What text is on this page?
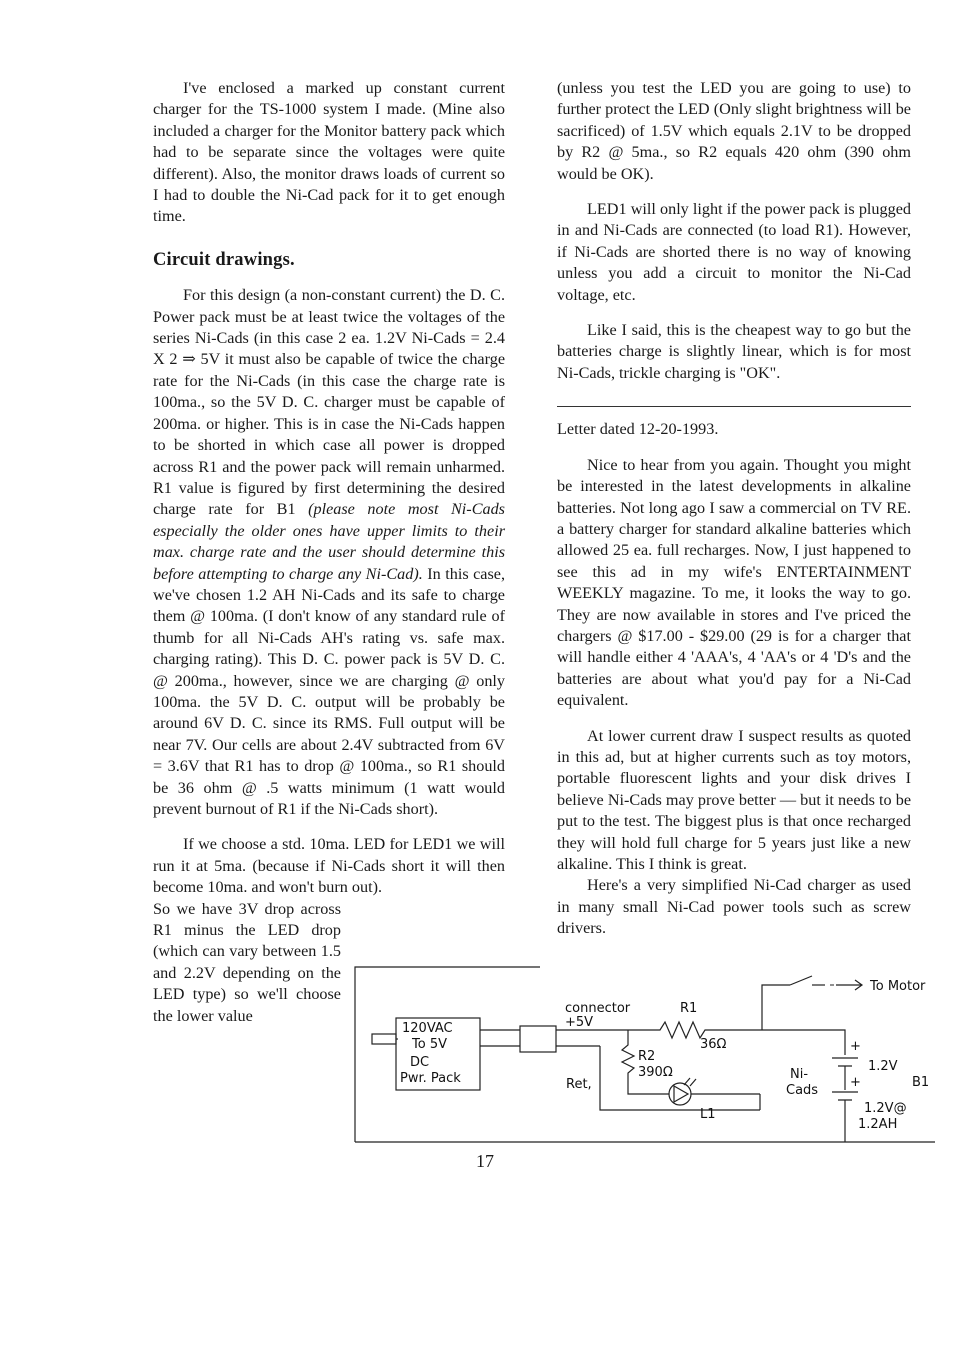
I've enclosed a marked up constant current charger for the TS-1000 system I made. (Mine also included a charger for the Monitor battery pack which had to be separate since the voltages were quite different). Also, the monitor draws loads of current so I had to double the Ni-Cad pack for it to get enough time.

Circuit drawings.

For this design (a non-constant current) the D. C. Power pack must be at least twice the voltages of the series Ni-Cads (in this case 2 ea. 1.2V Ni-Cads = 2.4 X 2 ⇒ 5V it must also be capable of twice the charge rate for the Ni-Cads (in this case the charge rate is 100ma., so the 5V D. C. charger must be capable of 200ma. or higher. This is in case the Ni-Cads happen to be shorted in which case all power is dropped across R1 and the power pack will remain unharmed. R1 value is figured by first determining the desired charge rate for B1 (please note most Ni-Cads especially the older ones have upper limits to their max. charge rate and the user should determine this before attempting to charge any Ni-Cad). In this case, we've chosen 1.2 AH Ni-Cads and its safe to charge them @ 100ma. (I don't know of any standard rule of thumb for all Ni-Cads AH's rating vs. safe max. charging rating). This D. C. power pack is 5V D. C. @ 200ma., however, since we are charging @ only 100ma. the 5V D. C. output will be probably be around 6V D. C. since its RMS. Full output will be near 7V. Our cells are about 2.4V subtracted from 6V = 3.6V that R1 has to drop @ 100ma., so R1 should be 36 ohm @ .5 watts minimum (1 watt would prevent burnout of R1 if the Ni-Cads short).

If we choose a std. 10ma. LED for LED1 we will run it at 5ma. (because if Ni-Cads short it will then become 10ma. and won't burn out).

So we have 3V drop across R1 minus the LED drop (which can vary between 1.5 and 2.2V depending on the LED type) so we'll choose the lower value

(unless you test the LED you are going to use) to further protect the LED (Only slight brightness will be sacrificed) of 1.5V which equals 2.1V to be dropped by R2 @ 5ma., so R2 equals 420 ohm (390 ohm would be OK).

LED1 will only light if the power pack is plugged in and Ni-Cads are connected (to load R1). However, if Ni-Cads are shorted there is no way of knowing unless you add a circuit to monitor the Ni-Cad voltage, etc.

Like I said, this is the cheapest way to go but the batteries charge is slightly linear, which is for most Ni-Cads, trickle charging is "OK".

Letter dated 12-20-1993.

Nice to hear from you again. Thought you might be interested in the latest developments in alkaline batteries. Not long ago I saw a commercial on TV RE. a battery charger for standard alkaline batteries which allowed 25 ea. full recharges. Now, I just happened to see this ad in my wife's ENTERTAINMENT WEEKLY magazine. To me, it looks the way to go. They are now available in stores and I've priced the chargers @ $17.00 - $29.00 (29 is for a charger that will handle either 4 'AAA's, 4 'AA's or 4 'D's and the batteries are about what you'd pay for a Ni-Cad equivalent.

At lower current draw I suspect results as quoted in this ad, but at higher currents such as toy motors, portable fluorescent lights and your disk drives I believe Ni-Cads may prove better — but it needs to be put to the test. The biggest plus is that once recharged they will hold full charge for 5 years just like a new alkaline. This I think is great.

Here's a very simplified Ni-Cad charger as used in many small Ni-Cad power tools such as screw drivers.

To Motor
120VAC
To 5V
DC
Pwr. Pack
connector
+5V
R1
36Ω
R2
390Ω
Ret,
L1
Ni-
Cads
+
+
1.2V
B1
1.2V@
1.2AH
17
